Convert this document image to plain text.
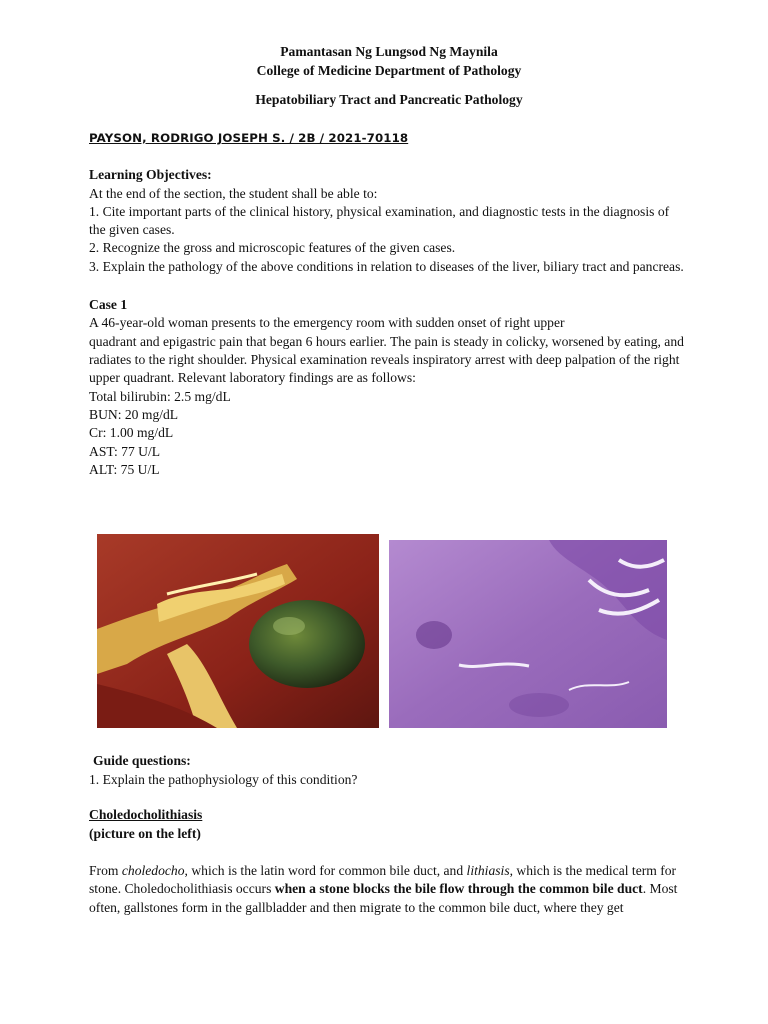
Pamantasan Ng Lungsod Ng Maynila
College of Medicine Department of Pathology
Hepatobiliary Tract and Pancreatic Pathology
PAYSON, RODRIGO JOSEPH S. / 2B / 2021-70118
Learning Objectives:

At the end of the section, the student shall be able to:

1. Cite important parts of the clinical history, physical examination, and diagnostic tests in the diagnosis of the given cases.

2. Recognize the gross and microscopic features of the given cases.

3. Explain the pathology of the above conditions in relation to diseases of the liver, biliary tract and pancreas.

Case 1

A 46-year-old woman presents to the emergency room with sudden onset of right upper

quadrant and epigastric pain that began 6 hours earlier. The pain is steady in colicky, worsened by eating, and radiates to the right shoulder. Physical examination reveals inspiratory arrest with deep palpation of the right upper quadrant. Relevant laboratory findings are as follows:

Total bilirubin: 2.5 mg/dL

BUN: 20 mg/dL

Cr: 1.00 mg/dL

AST: 77 U/L

ALT: 75 U/L

Guide questions:

1. Explain the pathophysiology of this condition?

Choledocholithiasis
(picture on the left)
From choledocho, which is the latin word for common bile duct, and lithiasis, which is the medical term for stone. Choledocholithiasis occurs when a stone blocks the bile flow through the common bile duct. Most often, gallstones form in the gallbladder and then migrate to the common bile duct, where they get
